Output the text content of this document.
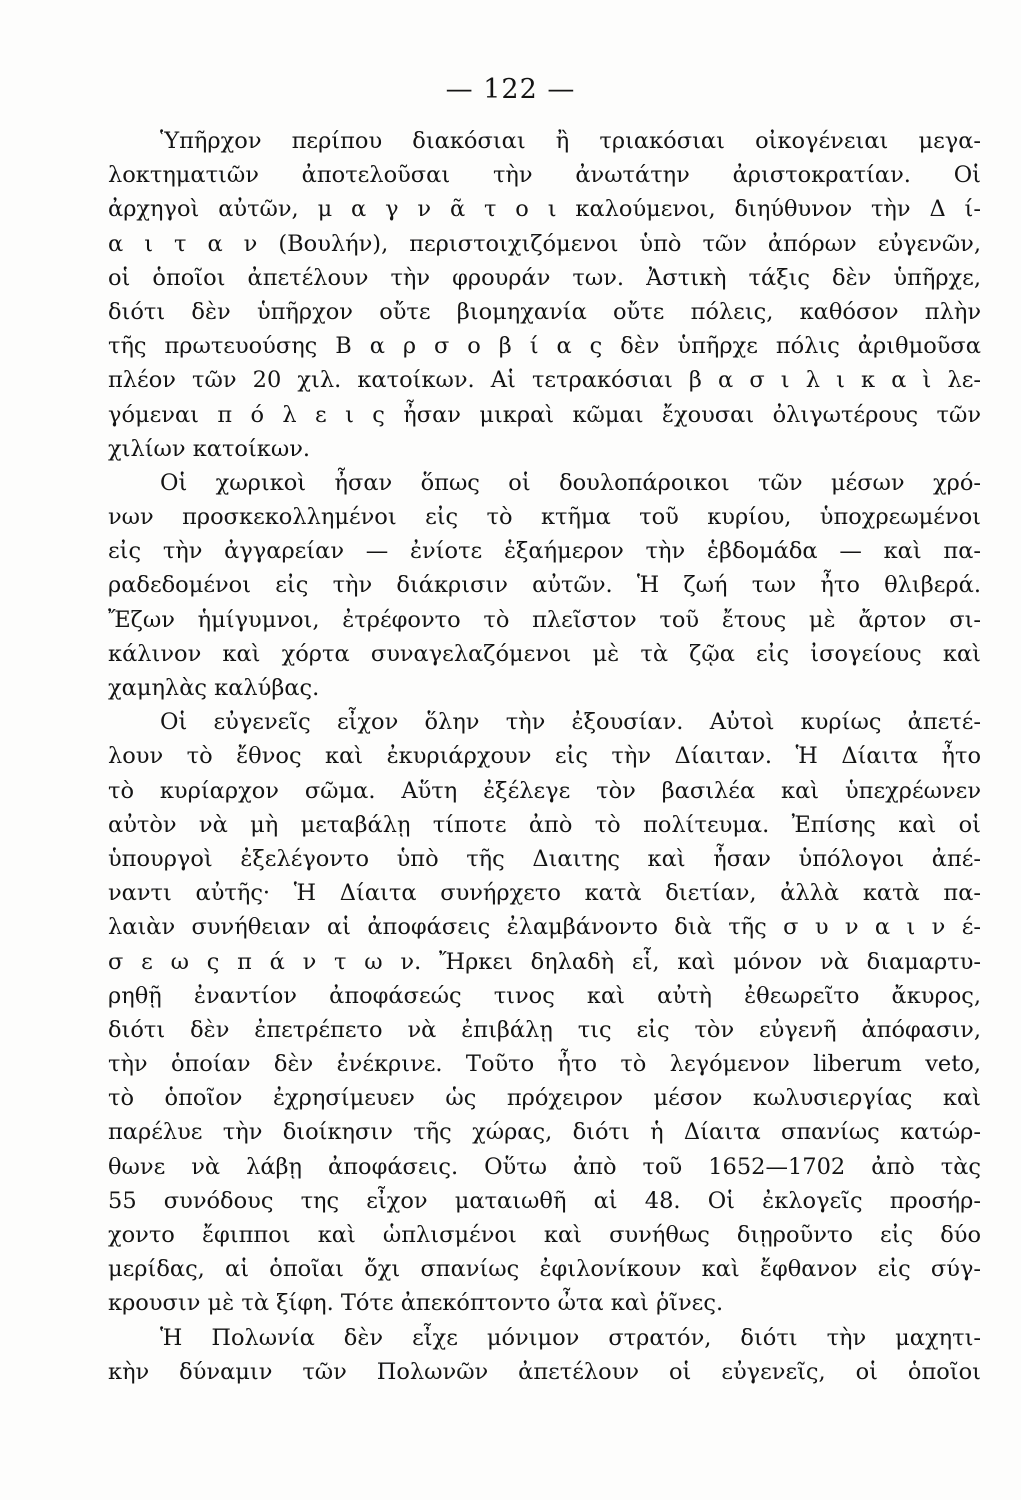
— 122 —
Ὑπῆρχον περίπου διακόσιαι ἢ τριακόσιαι οἰκογένειαι μεγα-
λοκτηματιῶν ἀποτελοῦσαι τὴν ἀνωτάτην ἀριστοκρατίαν. Οἱ
ἀρχηγοὶ αὐτῶν, μ α γ ν ᾶ τ ο ι καλούμενοι, διηύθυνον τὴν Δ ί-
α ι τ α ν (Βουλήν), περιστοιχιζόμενοι ὑπὸ τῶν ἀπόρων εὐγενῶν,
οἱ ὁποῖοι ἀπετέλουν τὴν φρουράν των. Ἀστικὴ τάξις δὲν ὑπῆρχε,
διότι δὲν ὑπῆρχον οὔτε βιομηχανία οὔτε πόλεις, καθόσον πλὴν
τῆς πρωτευούσης Β α ρ σ ο β ί α ς δὲν ὑπῆρχε πόλις ἀριθμοῦσα
πλέον τῶν 20 χιλ. κατοίκων. Αἱ τετρακόσιαι β α σ ι λ ι κ α ὶ λε-
γόμεναι π ό λ ε ι ς ἦσαν μικραὶ κῶμαι ἔχουσαι ὀλιγωτέρους τῶν
χιλίων κατοίκων.
Οἱ χωρικοὶ ἦσαν ὅπως οἱ δουλοπάροικοι τῶν μέσων χρό-
νων προσκεκολλημένοι εἰς τὸ κτῆμα τοῦ κυρίου, ὑποχρεωμένοι
εἰς τὴν ἀγγαρείαν — ἐνίοτε ἑξαήμερον τὴν ἑβδομάδα — καὶ πα-
ραδεδομένοι εἰς τὴν διάκρισιν αὐτῶν. Ἡ ζωή των ἦτο θλιβερά.
Ἔζων ἡμίγυμνοι, ἐτρέφοντο τὸ πλεῖστον τοῦ ἔτους μὲ ἄρτον σι-
κάλινον καὶ χόρτα συναγελαζόμενοι μὲ τὰ ζῷα εἰς ἰσογείους καὶ
χαμηλὰς καλύβας.
Οἱ εὐγενεῖς εἶχον ὅλην τὴν ἐξουσίαν. Αὐτοὶ κυρίως ἀπετέ-
λουν τὸ ἔθνος καὶ ἐκυριάρχουν εἰς τὴν Δίαιταν. Ἡ Δίαιτα ἦτο
τὸ κυρίαρχον σῶμα. Αὕτη ἐξέλεγε τὸν βασιλέα καὶ ὑπεχρέωνεν
αὐτὸν νὰ μὴ μεταβάλῃ τίποτε ἀπὸ τὸ πολίτευμα. Ἐπίσης καὶ οἱ
ὑπουργοὶ ἐξελέγοντο ὑπὸ τῆς Διαιτης καὶ ἦσαν ὑπόλογοι ἀπέ-
ναντι αὐτῆς· Ἡ Δίαιτα συνήρχετο κατὰ διετίαν, ἀλλὰ κατὰ πα-
λαιὰν συνήθειαν αἱ ἀποφάσεις ἐλαμβάνοντο διὰ τῆς σ υ ν α ι ν έ-
σ ε ω ς π ά ν τ ω ν. Ἤρκει δηλαδὴ εἷ, καὶ μόνον νὰ διαμαρτυ-
ρηθῇ ἐναντίον ἀποφάσεώς τινος καὶ αὐτὴ ἐθεωρεῖτο ἄκυρος,
διότι δὲν ἐπετρέπετο νὰ ἐπιβάλῃ τις εἰς τὸν εὐγενῆ ἀπόφασιν,
τὴν ὁποίαν δὲν ἐνέκρινε. Τοῦτο ἦτο τὸ λεγόμενον liberum veto,
τὸ ὁποῖον ἐχρησίμευεν ὡς πρόχειρον μέσον κωλυσιεργίας καὶ
παρέλυε τὴν διοίκησιν τῆς χώρας, διότι ἡ Δίαιτα σπανίως κατώρ-
θωνε νὰ λάβῃ ἀποφάσεις. Οὕτω ἀπὸ τοῦ 1652—1702 ἀπὸ τὰς
55 συνόδους της εἶχον ματαιωθῆ αἱ 48. Οἱ ἐκλογεῖς προσήρ-
χοντο ἔφιπποι καὶ ὡπλισμένοι καὶ συνήθως διῃροῦντο εἰς δύο
μερίδας, αἱ ὁποῖαι ὄχι σπανίως ἐφιλονίκουν καὶ ἔφθανον εἰς σύγ-
κρουσιν μὲ τὰ ξίφη. Τότε ἀπεκόπτοντο ὦτα καὶ ῥῖνες.
Ἡ Πολωνία δὲν εἶχε μόνιμον στρατόν, διότι τὴν μαχητι-
κὴν δύναμιν τῶν Πολωνῶν ἀπετέλουν οἱ εὐγενεῖς, οἱ ὁποῖοι
